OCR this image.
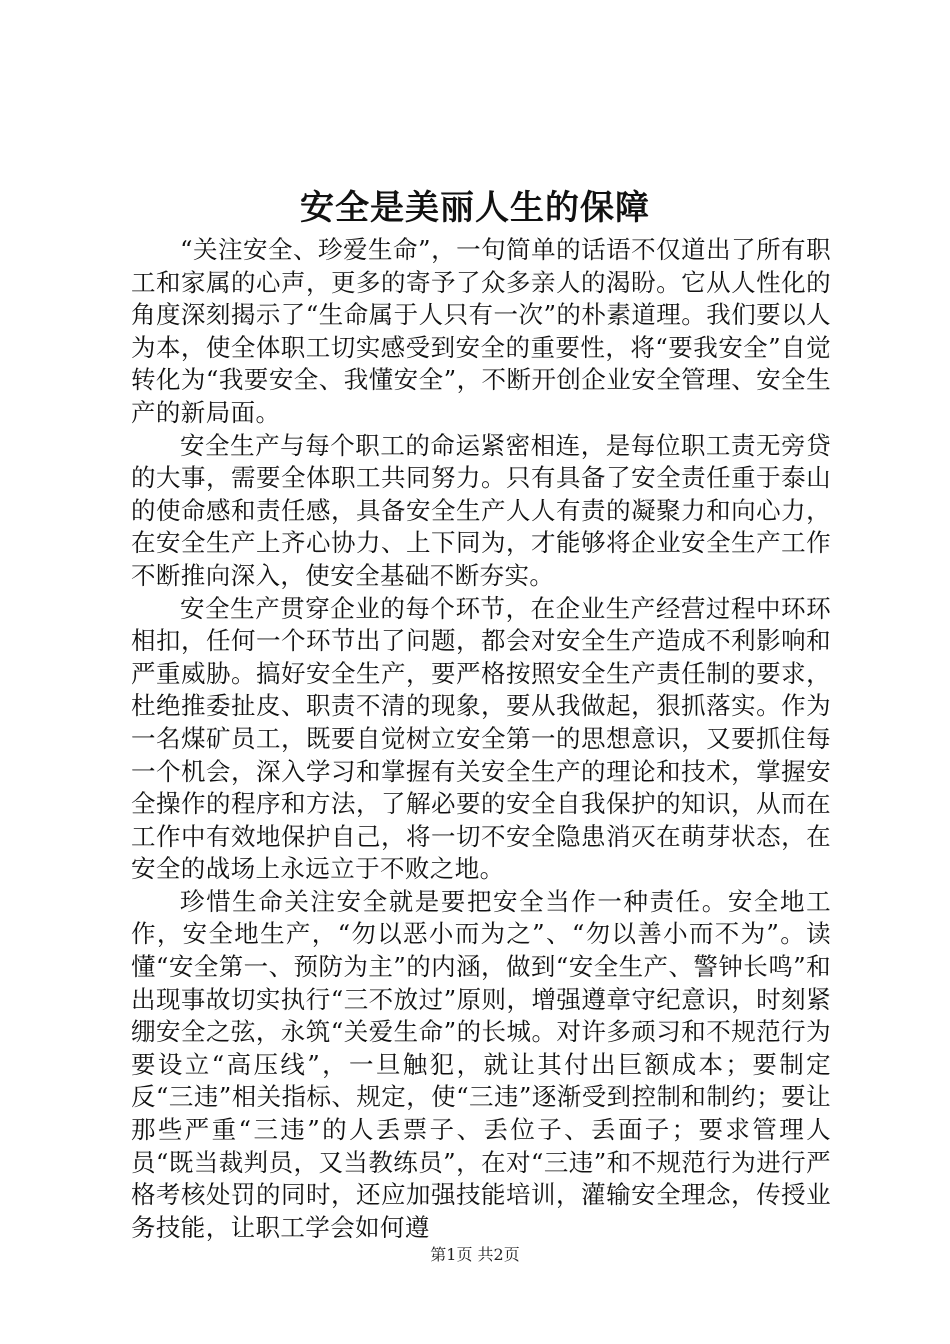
安全是美丽人生的保障

“关注安全、珍爱生命”，一句简单的话语不仅道出了所有职工和家属的心声，更多的寄予了众多亲人的渴盼。它从人性化的角度深刻揭示了“生命属于人只有一次”的朴素道理。我们要以人为本，使全体职工切实感受到安全的重要性，将“要我安全”自觉转化为“我要安全、我懂安全”，不断开创企业安全管理、安全生产的新局面。

安全生产与每个职工的命运紧密相连，是每位职工责无旁贷的大事，需要全体职工共同努力。只有具备了安全责任重于泰山的使命感和责任感，具备安全生产人人有责的凝聚力和向心力，在安全生产上齐心协力、上下同为，才能够将企业安全生产工作不断推向深入，使安全基础不断夯实。

安全生产贯穿企业的每个环节，在企业生产经营过程中环环相扣，任何一个环节出了问题，都会对安全生产造成不利影响和严重威胁。搞好安全生产，要严格按照安全生产责任制的要求，杜绝推委扯皮、职责不清的现象，要从我做起，狠抓落实。作为一名煤矿员工，既要自觉树立安全第一的思想意识，又要抓住每一个机会，深入学习和掌握有关安全生产的理论和技术，掌握安全操作的程序和方法，了解必要的安全自我保护的知识，从而在工作中有效地保护自己，将一切不安全隐患消灭在萌芽状态，在安全的战场上永远立于不败之地。

珍惜生命关注安全就是要把安全当作一种责任。安全地工作，安全地生产，“勿以恶小而为之”、“勿以善小而不为”。读懂“安全第一、预防为主”的内涵，做到“安全生产、警钟长鸣”和出现事故切实执行“三不放过”原则，增强遵章守纪意识，时刻紧绷安全之弦，永筑“关爱生命”的长城。对许多顽习和不规范行为要设立“高压线”，一旦触犯，就让其付出巨额成本；要制定反“三违”相关指标、规定，使“三违”逐渐受到控制和制约；要让那些严重“三违”的人丢票子、丢位子、丢面子；要求管理人员“既当裁判员，又当教练员”，在对“三违”和不规范行为进行严格考核处罚的同时，还应加强技能培训，灌输安全理念，传授业务技能，让职工学会如何遵

第1页 共2页
